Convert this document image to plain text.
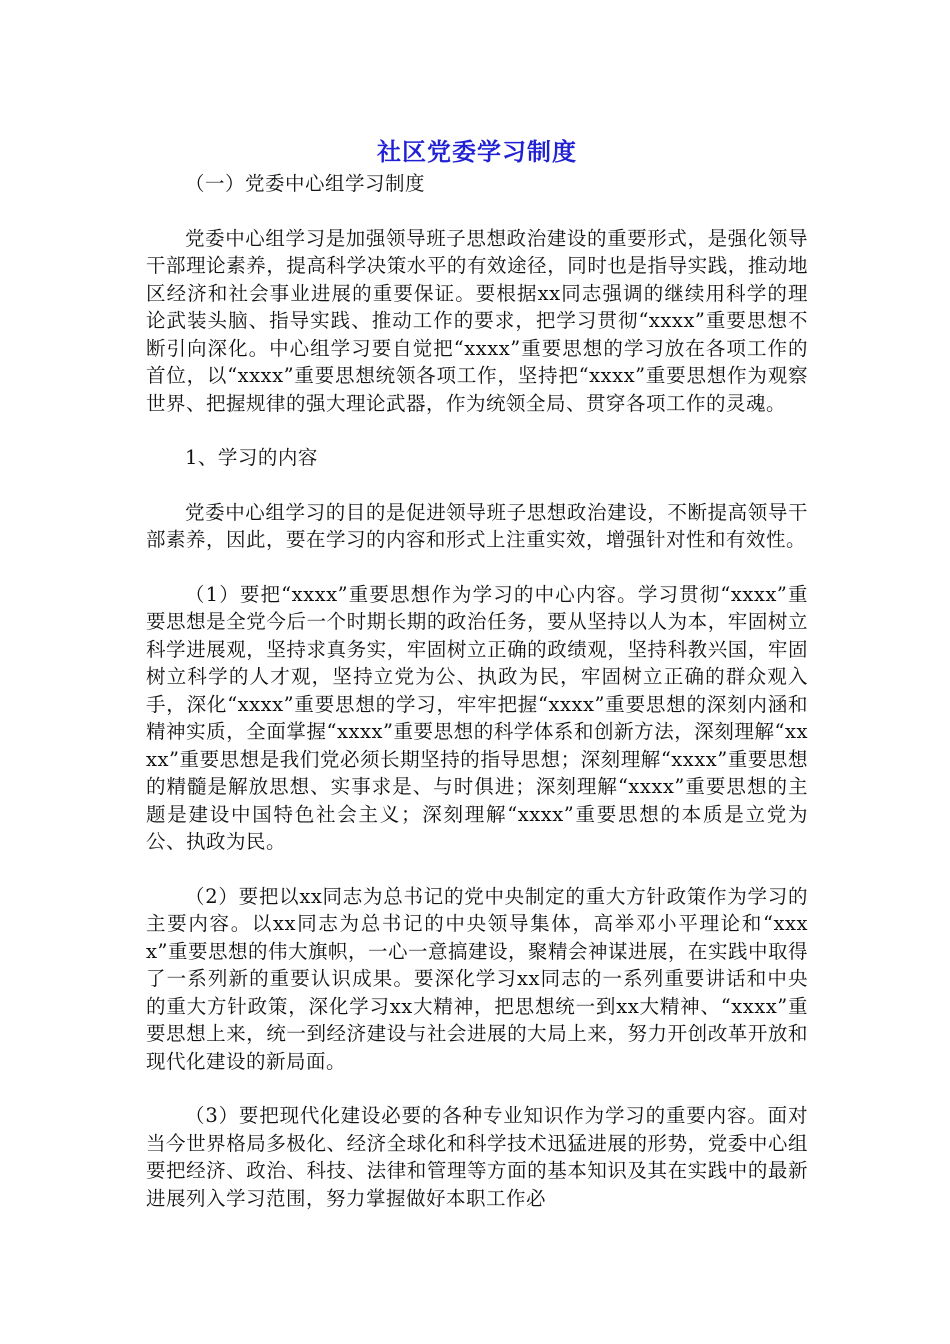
社区党委学习制度

（一）党委中心组学习制度

党委中心组学习是加强领导班子思想政治建设的重要形式，是强化领导干部理论素养，提高科学决策水平的有效途径，同时也是指导实践，推动地区经济和社会事业进展的重要保证。要根据xx同志强调的继续用科学的理论武装头脑、指导实践、推动工作的要求，把学习贯彻“xxxx”重要思想不断引向深化。中心组学习要自觉把“xxxx”重要思想的学习放在各项工作的首位，以“xxxx”重要思想统领各项工作，坚持把“xxxx”重要思想作为观察世界、把握规律的强大理论武器，作为统领全局、贯穿各项工作的灵魂。

1、学习的内容

党委中心组学习的目的是促进领导班子思想政治建设，不断提高领导干部素养，因此，要在学习的内容和形式上注重实效，增强针对性和有效性。

（1）要把“xxxx”重要思想作为学习的中心内容。学习贯彻“xxxx”重要思想是全党今后一个时期长期的政治任务，要从坚持以人为本，牢固树立科学进展观，坚持求真务实，牢固树立正确的政绩观，坚持科教兴国，牢固树立科学的人才观，坚持立党为公、执政为民，牢固树立正确的群众观入手，深化“xxxx”重要思想的学习，牢牢把握“xxxx”重要思想的深刻内涵和精神实质，全面掌握“xxxx”重要思想的科学体系和创新方法，深刻理解“xxxx”重要思想是我们党必须长期坚持的指导思想；深刻理解“xxxx”重要思想的精髓是解放思想、实事求是、与时俱进；深刻理解“xxxx”重要思想的主题是建设中国特色社会主义；深刻理解“xxxx”重要思想的本质是立党为公、执政为民。

（2）要把以xx同志为总书记的党中央制定的重大方针政策作为学习的主要内容。以xx同志为总书记的中央领导集体，高举邓小平理论和“xxxx”重要思想的伟大旗帜，一心一意搞建设，聚精会神谋进展，在实践中取得了一系列新的重要认识成果。要深化学习xx同志的一系列重要讲话和中央的重大方针政策，深化学习xx大精神，把思想统一到xx大精神、“xxxx”重要思想上来，统一到经济建设与社会进展的大局上来，努力开创改革开放和现代化建设的新局面。

（3）要把现代化建设必要的各种专业知识作为学习的重要内容。面对当今世界格局多极化、经济全球化和科学技术迅猛进展的形势，党委中心组要把经济、政治、科技、法律和管理等方面的基本知识及其在实践中的最新进展列入学习范围，努力掌握做好本职工作必
